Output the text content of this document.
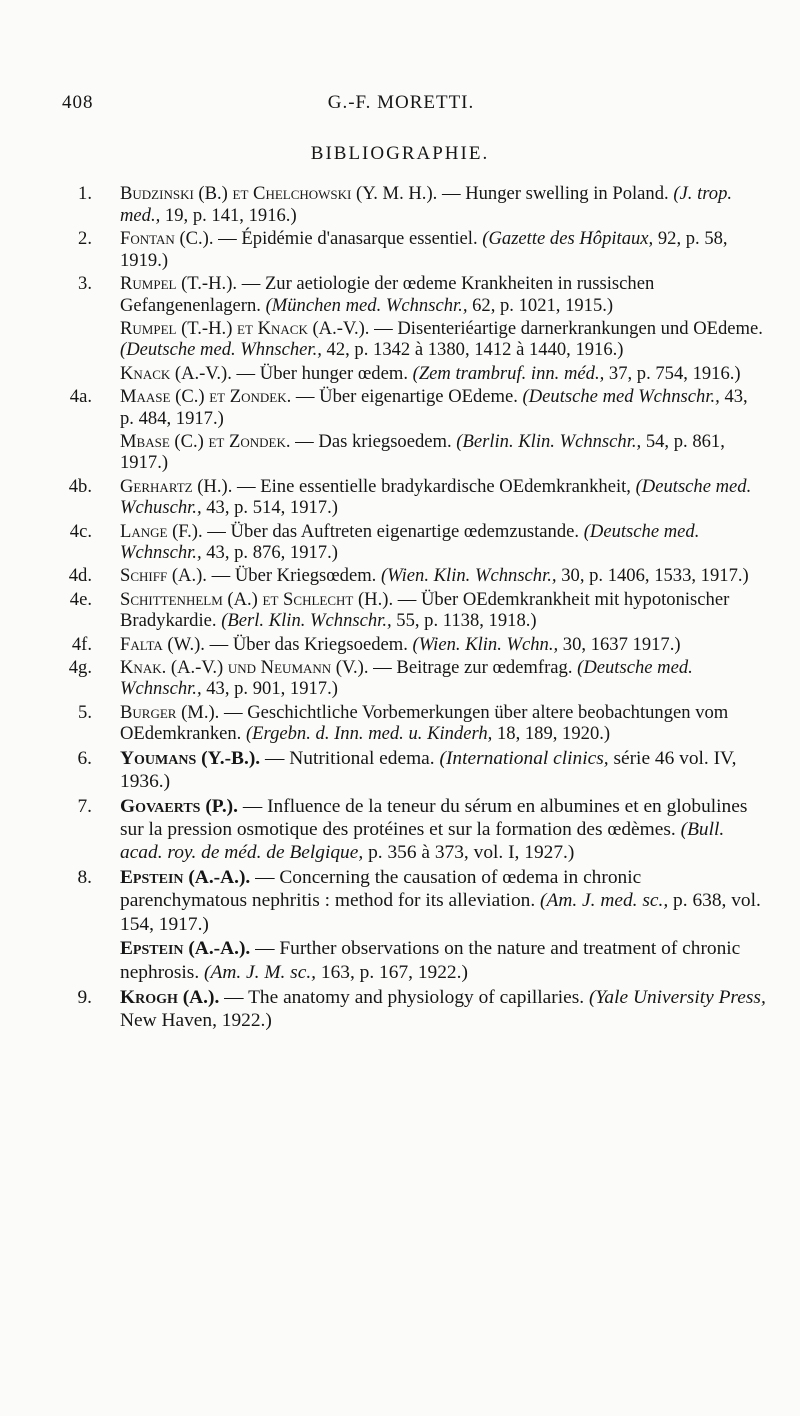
408	G.-F. MORETTI.
BIBLIOGRAPHIE.
1. Budzinski (B.) et Chelchowski (Y. M. H.). — Hunger swelling in Poland. (J. trop. med., 19, p. 141, 1916.)
2. Fontan (C.). — Épidémie d'anasarque essentiel. (Gazette des Hôpitaux, 92, p. 58, 1919.)
3. Rumpel (T.-H.). — Zur aetiologie der œdeme Krankheiten in russischen Gefangenenlagern. (München med. Wchnschr., 62, p. 1021, 1915.)
Rumpel (T.-H.) et Knack (A.-V.). — Disenteriéartige darnerkrankungen und OEdeme. (Deutsche med. Whnscher., 42, p. 1342 à 1380, 1412 à 1440, 1916.)
Knack (A.-V.). — Über hunger œdem. (Zem trambruf. inn. méd., 37, p. 754, 1916.)
4a. Maase (C.) et Zondek. — Über eigenartige OEdeme. (Deutsche med Wchnschr., 43, p. 484, 1917.)
Mbase (C.) et Zondek. — Das kriegsoedem. (Berlin. Klin. Wchnschr., 54, p. 861, 1917.)
4b. Gerhartz (H.). — Eine essentielle bradykardische OEdemkrankheit, (Deutsche med. Wchuschr., 43, p. 514, 1917.)
4c. Lange (F.). — Über das Auftreten eigenartige œdemzustande. (Deutsche med. Wchnschr., 43, p. 876, 1917.)
4d. Schiff (A.). — Über Kriegsœdem. (Wien. Klin. Wchnschr., 30, p. 1406, 1533, 1917.)
4e. Schittenhelm (A.) et Schlecht (H.). — Über OEdemkrankheit mit hypotonischer Bradykardie. (Berl. Klin. Wchnschr., 55, p. 1138, 1918.)
4f. Falta (W.). — Über das Kriegsoedem. (Wien. Klin. Wchn., 30, 1637 1917.)
4g. Knak. (A.-V.) und Neumann (V.). — Beitrage zur œdemfrag. (Deutsche med. Wchnschr., 43, p. 901, 1917.)
5. Burger (M.). — Geschichtliche Vorbemerkungen über altere beobachtungen vom OEdemkranken. (Ergebn. d. Inn. med. u. Kinderh, 18, 189, 1920.)
6. Youmans (Y.-B.). — Nutritional edema. (International clinics, série 46 vol. IV, 1936.)
7. Govaerts (P.). — Influence de la teneur du sérum en albumines et en globulines sur la pression osmotique des protéines et sur la formation des œdèmes. (Bull. acad. roy. de méd. de Belgique, p. 356 à 373, vol. I, 1927.)
8. Epstein (A.-A.). — Concerning the causation of œdema in chronic parenchymatous nephritis : method for its alleviation. (Am. J. med. sc., p. 638, vol. 154, 1917.)
Epstein (A.-A.). — Further observations on the nature and treatment of chronic nephrosis. (Am. J. M. sc., 163, p. 167, 1922.)
9. Krogh (A.). — The anatomy and physiology of capillaries. (Yale University Press, New Haven, 1922.)
